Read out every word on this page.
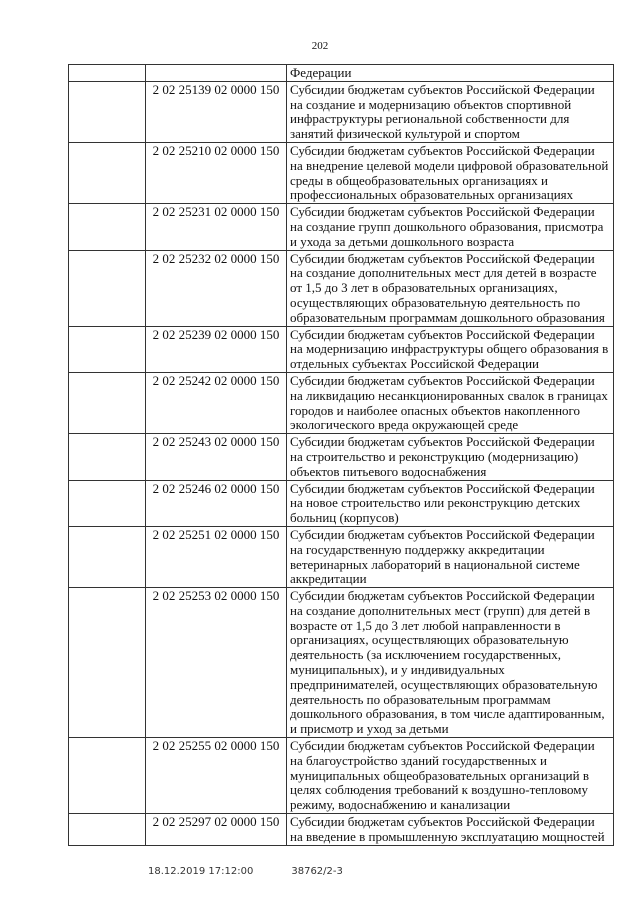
202
		Федерации
	2 02 25139 02 0000 150	Субсидии бюджетам субъектов Российской Федерации на создание и модернизацию объектов спортивной инфраструктуры региональной собственности для занятий физической культурой и спортом
	2 02 25210 02 0000 150	Субсидии бюджетам субъектов Российской Федерации на внедрение целевой модели цифровой образовательной среды в общеобразовательных организациях и профессиональных образовательных организациях
	2 02 25231 02 0000 150	Субсидии бюджетам субъектов Российской Федерации на создание групп дошкольного образования, присмотра и ухода за детьми дошкольного возраста
	2 02 25232 02 0000 150	Субсидии бюджетам субъектов Российской Федерации на создание дополнительных мест для детей в возрасте от 1,5 до 3 лет в образовательных организациях, осуществляющих образовательную деятельность по образовательным программам дошкольного образования
	2 02 25239 02 0000 150	Субсидии бюджетам субъектов Российской Федерации на модернизацию инфраструктуры общего образования в отдельных субъектах Российской Федерации
	2 02 25242 02 0000 150	Субсидии бюджетам субъектов Российской Федерации на ликвидацию несанкционированных свалок в границах городов и наиболее опасных объектов накопленного экологического вреда окружающей среде
	2 02 25243 02 0000 150	Субсидии бюджетам субъектов Российской Федерации на строительство и реконструкцию (модернизацию) объектов питьевого водоснабжения
	2 02 25246 02 0000 150	Субсидии бюджетам субъектов Российской Федерации на новое строительство или реконструкцию детских больниц (корпусов)
	2 02 25251 02 0000 150	Субсидии бюджетам субъектов Российской Федерации на государственную поддержку аккредитации ветеринарных лабораторий в национальной системе аккредитации
	2 02 25253 02 0000 150	Субсидии бюджетам субъектов Российской Федерации на создание дополнительных мест (групп) для детей в возрасте от 1,5 до 3 лет любой направленности в организациях, осуществляющих образовательную деятельность (за исключением государственных, муниципальных), и у индивидуальных предпринимателей, осуществляющих образовательную деятельность по образовательным программам дошкольного образования, в том числе адаптированным, и присмотр и уход за детьми
	2 02 25255 02 0000 150	Субсидии бюджетам субъектов Российской Федерации на благоустройство зданий государственных и муниципальных общеобразовательных организаций в целях соблюдения требований к воздушно-тепловому режиму, водоснабжению и канализации
	2 02 25297 02 0000 150	Субсидии бюджетам субъектов Российской Федерации на введение в промышленную эксплуатацию мощностей
18.12.2019 17:12:00	38762/2-3
